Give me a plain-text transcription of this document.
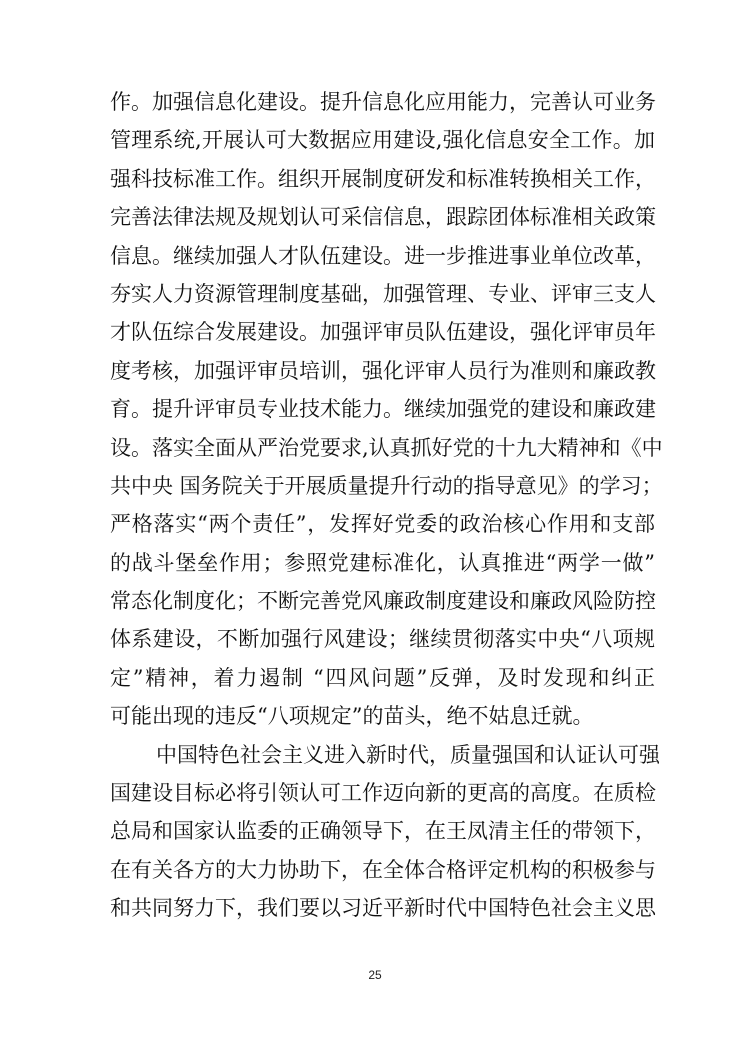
作。加强信息化建设。提升信息化应用能力，完善认可业务
管理系统,开展认可大数据应用建设,强化信息安全工作。加
强科技标准工作。组织开展制度研发和标准转换相关工作，
完善法律法规及规划认可采信信息，跟踪团体标准相关政策
信息。继续加强人才队伍建设。进一步推进事业单位改革，
夯实人力资源管理制度基础，加强管理、专业、评审三支人
才队伍综合发展建设。加强评审员队伍建设，强化评审员年
度考核，加强评审员培训，强化评审人员行为准则和廉政教
育。提升评审员专业技术能力。继续加强党的建设和廉政建
设。落实全面从严治党要求,认真抓好党的十九大精神和《中
共中央 国务院关于开展质量提升行动的指导意见》的学习；
严格落实“两个责任”，发挥好党委的政治核心作用和支部
的战斗堡垒作用；参照党建标准化，认真推进“两学一做”
常态化制度化；不断完善党风廉政制度建设和廉政风险防控
体系建设，不断加强行风建设；继续贯彻落实中央“八项规
定”精神，着力遏制 “四风问题”反弹，及时发现和纠正
可能出现的违反“八项规定”的苗头，绝不姑息迁就。

中国特色社会主义进入新时代，质量强国和认证认可强
国建设目标必将引领认可工作迈向新的更高的高度。在质检
总局和国家认监委的正确领导下，在王凤清主任的带领下，
在有关各方的大力协助下，在全体合格评定机构的积极参与
和共同努力下，我们要以习近平新时代中国特色社会主义思

25
